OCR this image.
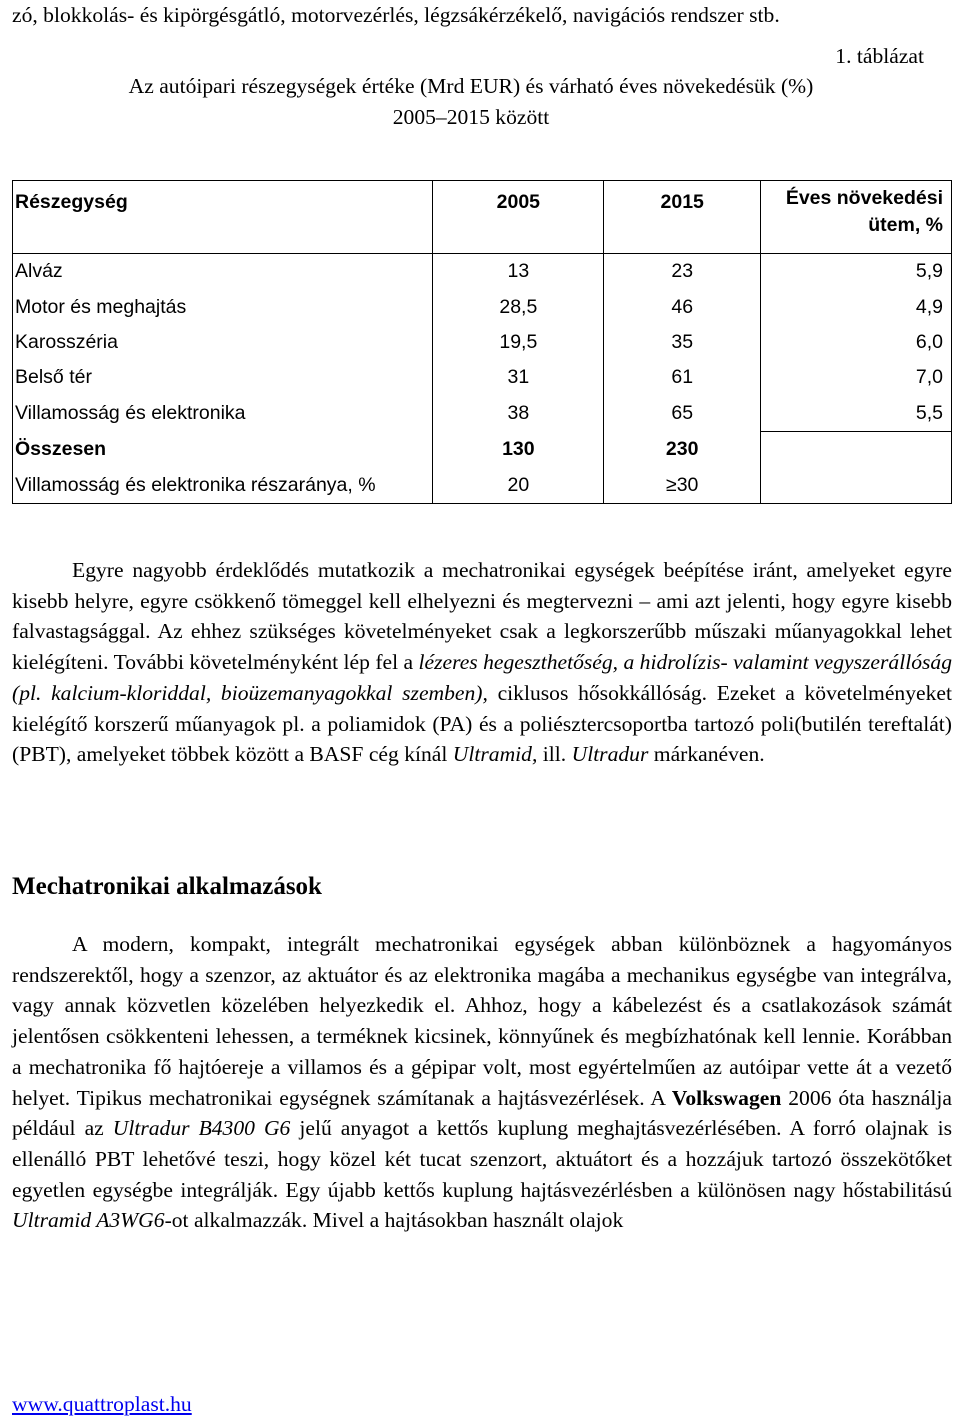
zó, blokkolás- és kipörgésgátló, motorvezérlés, légzsákérzékelő, navigációs rendszer stb.

1. táblázat

Az autóipari részegységek értéke (Mrd EUR) és várható éves növekedésük (%)

2005–2015 között

Részegység	2005	2015	Éves növekedési
ütem, %
Alváz	13	23	5,9
Motor és meghajtás	28,5	46	4,9
Karosszéria	19,5	35	6,0
Belső tér	31	61	7,0
Villamosság és elektronika	38	65	5,5
Összesen	130	230	
Villamosság és elektronika részaránya, %	20	≥30	

Egyre nagyobb érdeklődés mutatkozik a mechatronikai egységek beépítése iránt, amelyeket egyre kisebb helyre, egyre csökkenő tömeggel kell elhelyezni és megtervezni – ami azt jelenti, hogy egyre kisebb falvastagsággal. Az ehhez szükséges követelményeket csak a legkorszerűbb műszaki műanyagokkal lehet kielégíteni. További követelményként lép fel a lézeres hegeszthetőség, a hidrolízis- valamint vegyszerállóság (pl. kalcium-kloriddal, bioüzemanyagokkal szemben), ciklusos hősokkállóság. Ezeket a követelményeket kielégítő korszerű műanyagok pl. a poliamidok (PA) és a poliésztercsoportba tartozó poli(butilén tereftalát) (PBT), amelyeket többek között a BASF cég kínál Ultramid, ill. Ultradur márkanéven.

Mechatronikai alkalmazások

A modern, kompakt, integrált mechatronikai egységek abban különböznek a hagyományos rendszerektől, hogy a szenzor, az aktuátor és az elektronika magába a mechanikus egységbe van integrálva, vagy annak közvetlen közelében helyezkedik el. Ahhoz, hogy a kábelezést és a csatlakozások számát jelentősen csökkenteni lehessen, a terméknek kicsinek, könnyűnek és megbízhatónak kell lennie. Korábban a mechatronika fő hajtóereje a villamos és a gépipar volt, most egyértelműen az autóipar vette át a vezető helyet. Tipikus mechatronikai egységnek számítanak a hajtásvezérlések. A Volkswagen 2006 óta használja például az Ultradur B4300 G6 jelű anyagot a kettős kuplung meghajtásvezérlésében. A forró olajnak is ellenálló PBT lehetővé teszi, hogy közel két tucat szenzort, aktuátort és a hozzájuk tartozó összekötőket egyetlen egységbe integrálják. Egy újabb kettős kuplung hajtásvezérlésben a különösen nagy hőstabilitású Ultramid A3WG6-ot alkalmazzák. Mivel a hajtásokban használt olajok

www.quattroplast.hu
